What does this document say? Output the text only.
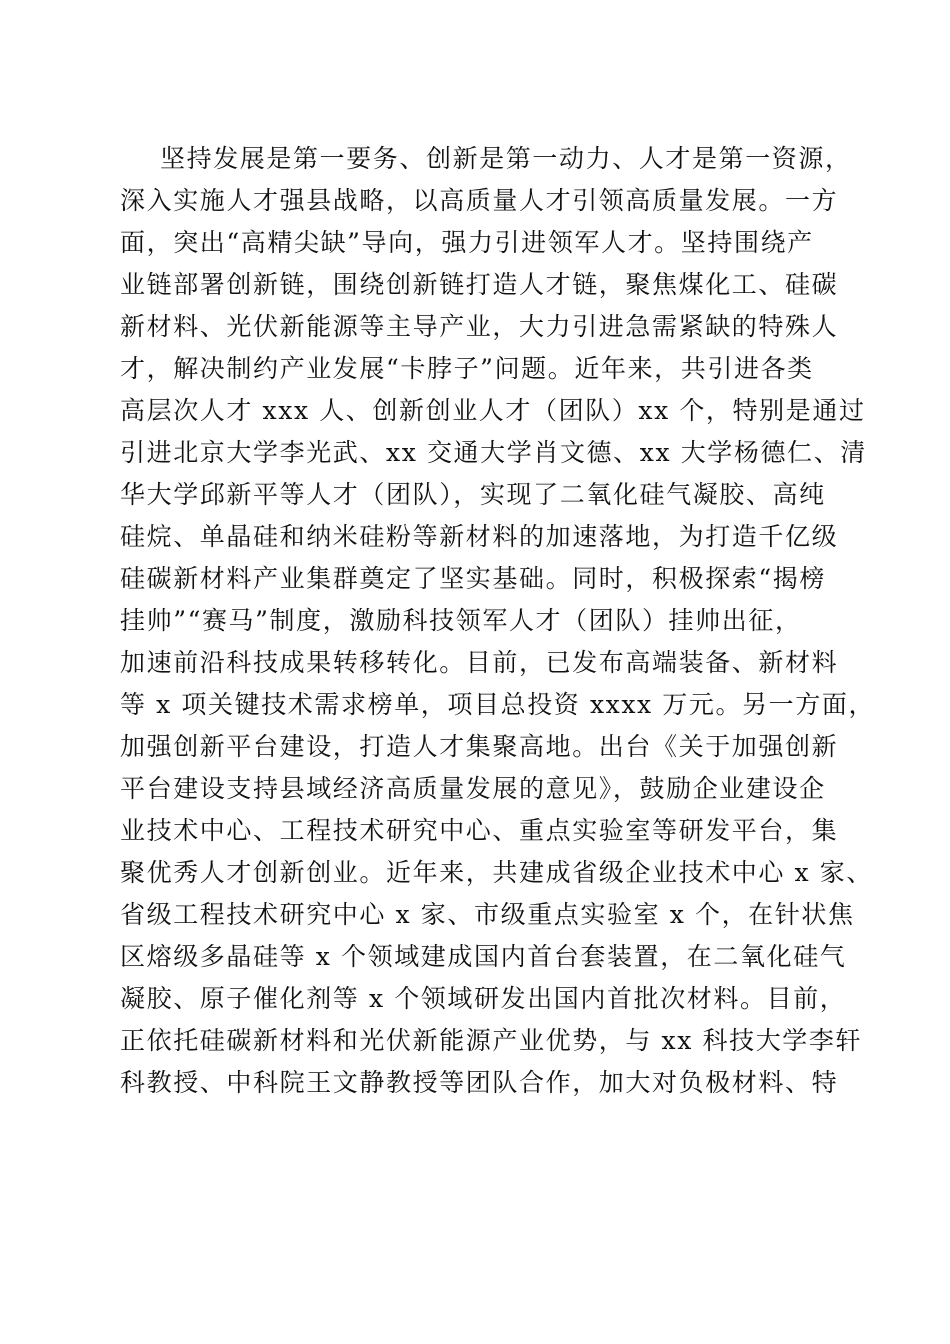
坚持发展是第一要务、创新是第一动力、人才是第一资源，
深入实施人才强县战略，以高质量人才引领高质量发展。一方
面，突出“高精尖缺”导向，强力引进领军人才。坚持围绕产
业链部署创新链，围绕创新链打造人才链，聚焦煤化工、硅碳
新材料、光伏新能源等主导产业，大力引进急需紧缺的特殊人
才，解决制约产业发展“卡脖子”问题。近年来，共引进各类
高层次人才 xxx 人、创新创业人才（团队）xx 个，特别是通过
引进北京大学李光武、xx 交通大学肖文德、xx 大学杨德仁、清
华大学邱新平等人才（团队），实现了二氧化硅气凝胶、高纯
硅烷、单晶硅和纳米硅粉等新材料的加速落地，为打造千亿级
硅碳新材料产业集群奠定了坚实基础。同时，积极探索“揭榜
挂帅”“赛马”制度，激励科技领军人才（团队）挂帅出征，
加速前沿科技成果转移转化。目前，已发布高端装备、新材料
等 x 项关键技术需求榜单，项目总投资 xxxx 万元。另一方面，
加强创新平台建设，打造人才集聚高地。出台《关于加强创新
平台建设支持县域经济高质量发展的意见》，鼓励企业建设企
业技术中心、工程技术研究中心、重点实验室等研发平台，集
聚优秀人才创新创业。近年来，共建成省级企业技术中心 x 家、
省级工程技术研究中心 x 家、市级重点实验室 x 个，在针状焦
区熔级多晶硅等 x 个领域建成国内首台套装置，在二氧化硅气
凝胶、原子催化剂等 x 个领域研发出国内首批次材料。目前，
正依托硅碳新材料和光伏新能源产业优势，与 xx 科技大学李轩
科教授、中科院王文静教授等团队合作，加大对负极材料、特
